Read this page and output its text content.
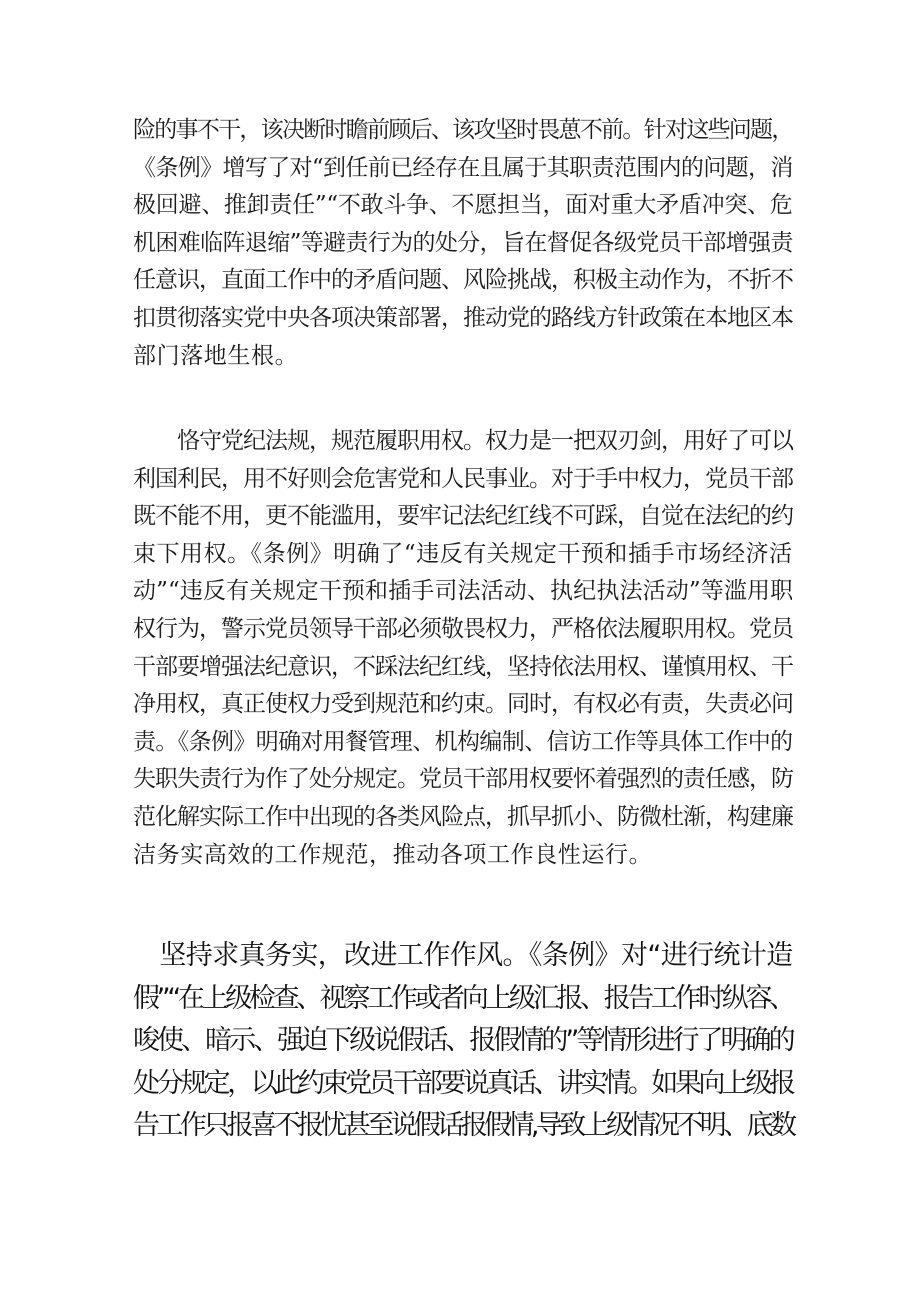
险的事不干，该决断时瞻前顾后、该攻坚时畏葸不前。针对这些问题，
《条例》增写了对“到任前已经存在且属于其职责范围内的问题，消
极回避、推卸责任”“不敢斗争、不愿担当，面对重大矛盾冲突、危
机困难临阵退缩”等避责行为的处分，旨在督促各级党员干部增强责
任意识，直面工作中的矛盾问题、风险挑战，积极主动作为，不折不
扣贯彻落实党中央各项决策部署，推动党的路线方针政策在本地区本
部门落地生根。
　　恪守党纪法规，规范履职用权。权力是一把双刃剑，用好了可以
利国利民，用不好则会危害党和人民事业。对于手中权力，党员干部
既不能不用，更不能滥用，要牢记法纪红线不可踩，自觉在法纪的约
束下用权。《条例》明确了“违反有关规定干预和插手市场经济活
动”“违反有关规定干预和插手司法活动、执纪执法活动”等滥用职
权行为，警示党员领导干部必须敬畏权力，严格依法履职用权。党员
干部要增强法纪意识，不踩法纪红线，坚持依法用权、谨慎用权、干
净用权，真正使权力受到规范和约束。同时，有权必有责，失责必问
责。《条例》明确对用餐管理、机构编制、信访工作等具体工作中的
失职失责行为作了处分规定。党员干部用权要怀着强烈的责任感，防
范化解实际工作中出现的各类风险点，抓早抓小、防微杜渐，构建廉
洁务实高效的工作规范，推动各项工作良性运行。
　坚持求真务实，改进工作作风。《条例》对“进行统计造
假”“在上级检查、视察工作或者向上级汇报、报告工作时纵容、
唆使、暗示、强迫下级说假话、报假情的”等情形进行了明确的
处分规定，以此约束党员干部要说真话、讲实情。如果向上级报
告工作只报喜不报忧甚至说假话报假情,导致上级情况不明、底数
